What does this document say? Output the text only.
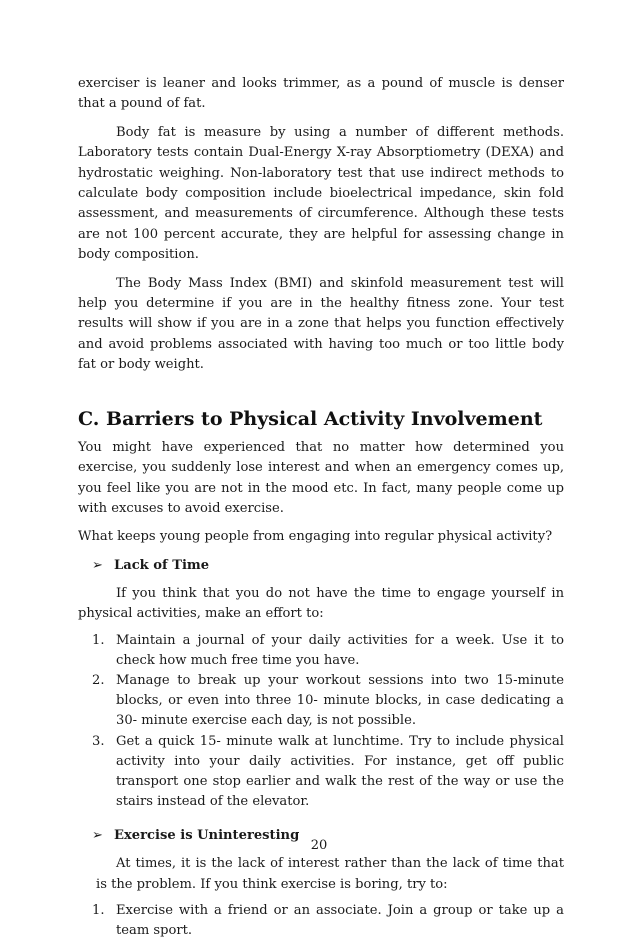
exerciser is leaner and looks trimmer, as a pound of muscle is denser that a pound of fat.

Body fat is measure by using a number of different methods. Laboratory tests contain Dual-Energy X-ray Absorptiometry (DEXA) and hydrostatic weighing. Non-laboratory test that use indirect methods to calculate body composition include bioelectrical impedance, skin fold assessment, and measurements of circumference. Although these tests are not 100 percent accurate, they are helpful for assessing change in body composition.

The Body Mass Index (BMI) and skinfold measurement test will help you determine if you are in the healthy fitness zone. Your test results will show if you are in a zone that helps you function effectively and avoid problems associated with having too much or too little body fat or body weight.

C. Barriers to Physical Activity Involvement

You might have experienced that no matter how determined you exercise, you suddenly lose interest and when an emergency comes up, you feel like you are not in the mood etc. In fact, many people come up with excuses to avoid exercise.

What keeps young people from engaging into regular physical activity?

➢ Lack of Time

If you think that you do not have the time to engage yourself in physical activities, make an effort to:

1. Maintain a journal of your daily activities for a week. Use it to check how much free time you have.
2. Manage to break up your workout sessions into two 15-minute blocks, or even into three 10- minute blocks, in case dedicating a 30- minute exercise each day, is not possible.
3. Get a quick 15- minute walk at lunchtime. Try to include physical activity into your daily activities. For instance, get off public transport one stop earlier and walk the rest of the way or use the stairs instead of the elevator.
➢ Exercise is Uninteresting

At times, it is the lack of interest rather than the lack of time that is the problem. If you think exercise is boring, try to:

1. Exercise with a friend or an associate. Join a group or take up a team sport.
20
